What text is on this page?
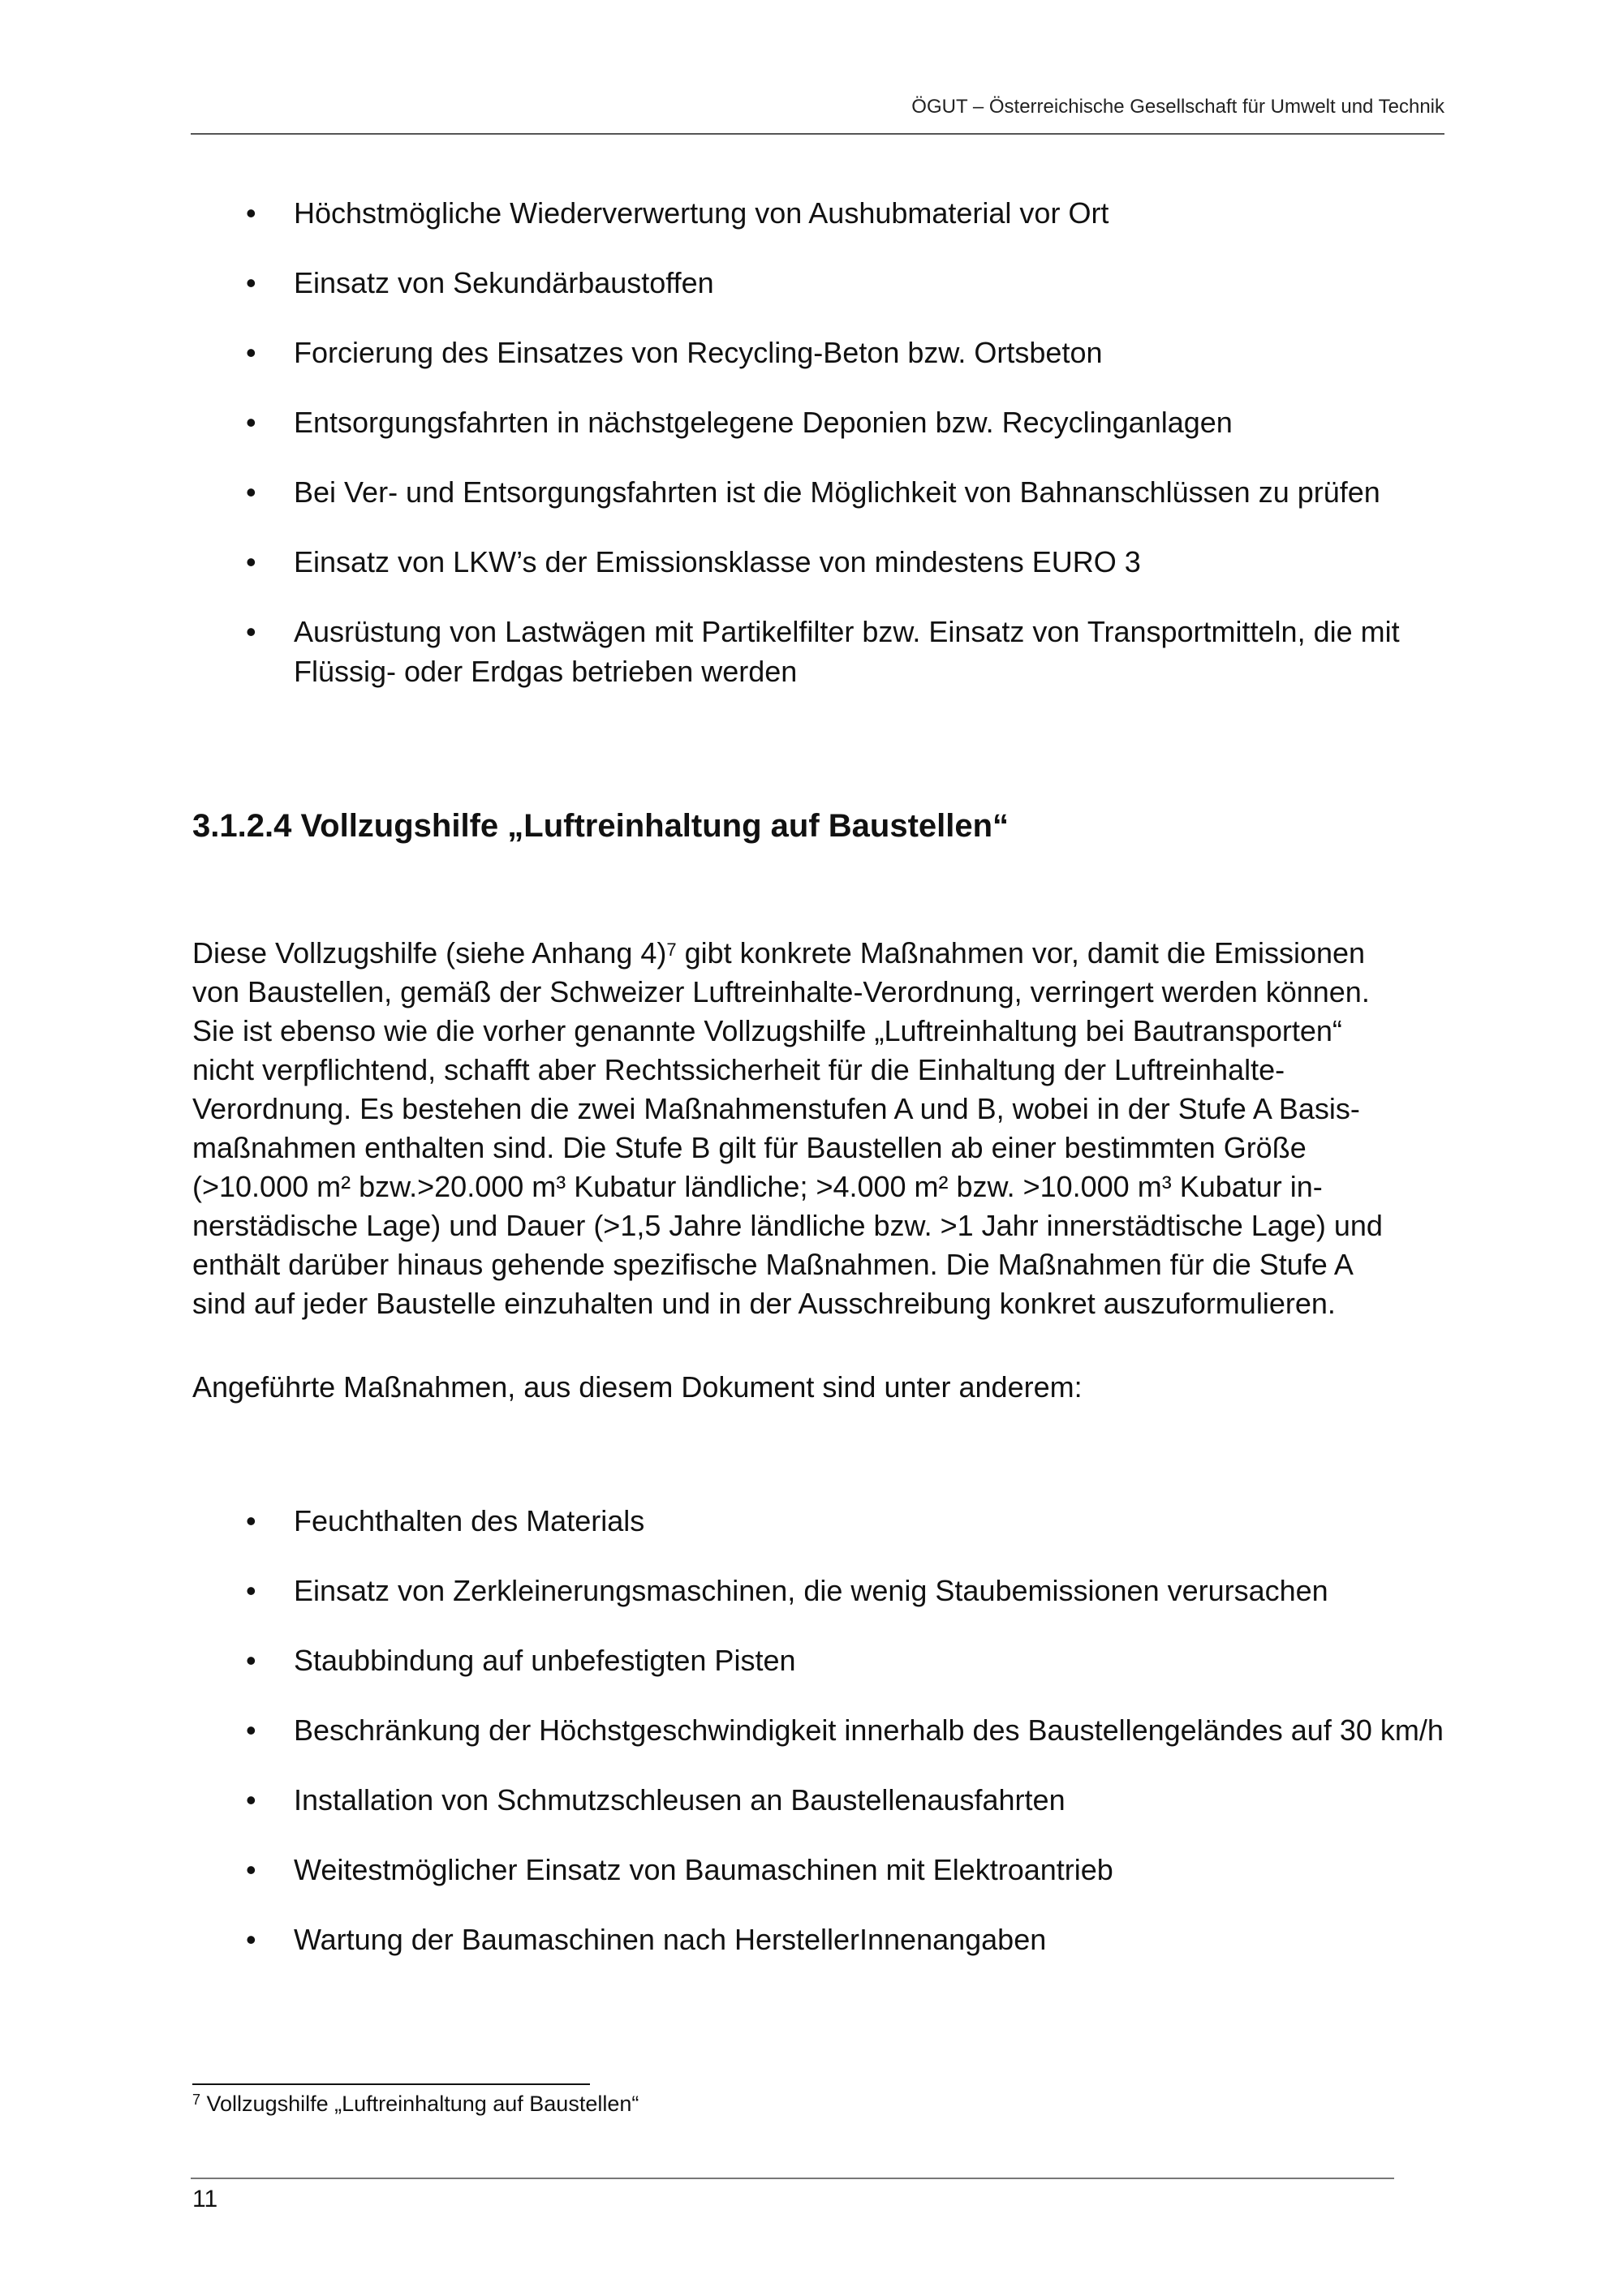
ÖGUT – Österreichische Gesellschaft für Umwelt und Technik
• Höchstmögliche Wiederverwertung von Aushubmaterial vor Ort
• Einsatz von Sekundärbaustoffen
• Forcierung des Einsatzes von Recycling-Beton bzw. Ortsbeton
• Entsorgungsfahrten in nächstgelegene Deponien bzw. Recyclinganlagen
• Bei Ver- und Entsorgungsfahrten ist die Möglichkeit von Bahnanschlüssen zu prüfen
• Einsatz von LKW’s der Emissionsklasse von mindestens EURO 3
• Ausrüstung von Lastwägen mit Partikelfilter bzw. Einsatz von Transportmitteln, die mit Flüssig- oder Erdgas betrieben werden
3.1.2.4 Vollzugshilfe „Luftreinhaltung auf Baustellen“
Diese Vollzugshilfe (siehe Anhang 4)$^7$ gibt konkrete Maßnahmen vor, damit die Emissionen
von Baustellen, gemäß der Schweizer Luftreinhalte-Verordnung, verringert werden können.
Sie ist ebenso wie die vorher genannte Vollzugshilfe „Luftreinhaltung bei Bautransporten“
nicht verpflichtend, schafft aber Rechtssicherheit für die Einhaltung der Luftreinhalte-
Verordnung. Es bestehen die zwei Maßnahmenstufen A und B, wobei in der Stufe A Basis-
maßnahmen enthalten sind. Die Stufe B gilt für Baustellen ab einer bestimmten Größe
(>10.000 m² bzw.>20.000 m³ Kubatur ländliche; >4.000 m² bzw. >10.000 m³ Kubatur in-
nerstädische Lage) und Dauer (>1,5 Jahre ländliche bzw. >1 Jahr innerstädtische Lage) und
enthält darüber hinaus gehende spezifische Maßnahmen. Die Maßnahmen für die Stufe A
sind auf jeder Baustelle einzuhalten und in der Ausschreibung konkret auszuformulieren.

Angeführte Maßnahmen, aus diesem Dokument sind unter anderem:

• Feuchthalten des Materials
• Einsatz von Zerkleinerungsmaschinen, die wenig Staubemissionen verursachen
• Staubbindung auf unbefestigten Pisten
• Beschränkung der Höchstgeschwindigkeit innerhalb des Baustellengeländes auf 30 km/h
• Installation von Schmutzschleusen an Baustellenausfahrten
• Weitestmöglicher Einsatz von Baumaschinen mit Elektroantrieb
• Wartung der Baumaschinen nach HerstellerInnenangaben
$^7$ Vollzugshilfe „Luftreinhaltung auf Baustellen“
11
